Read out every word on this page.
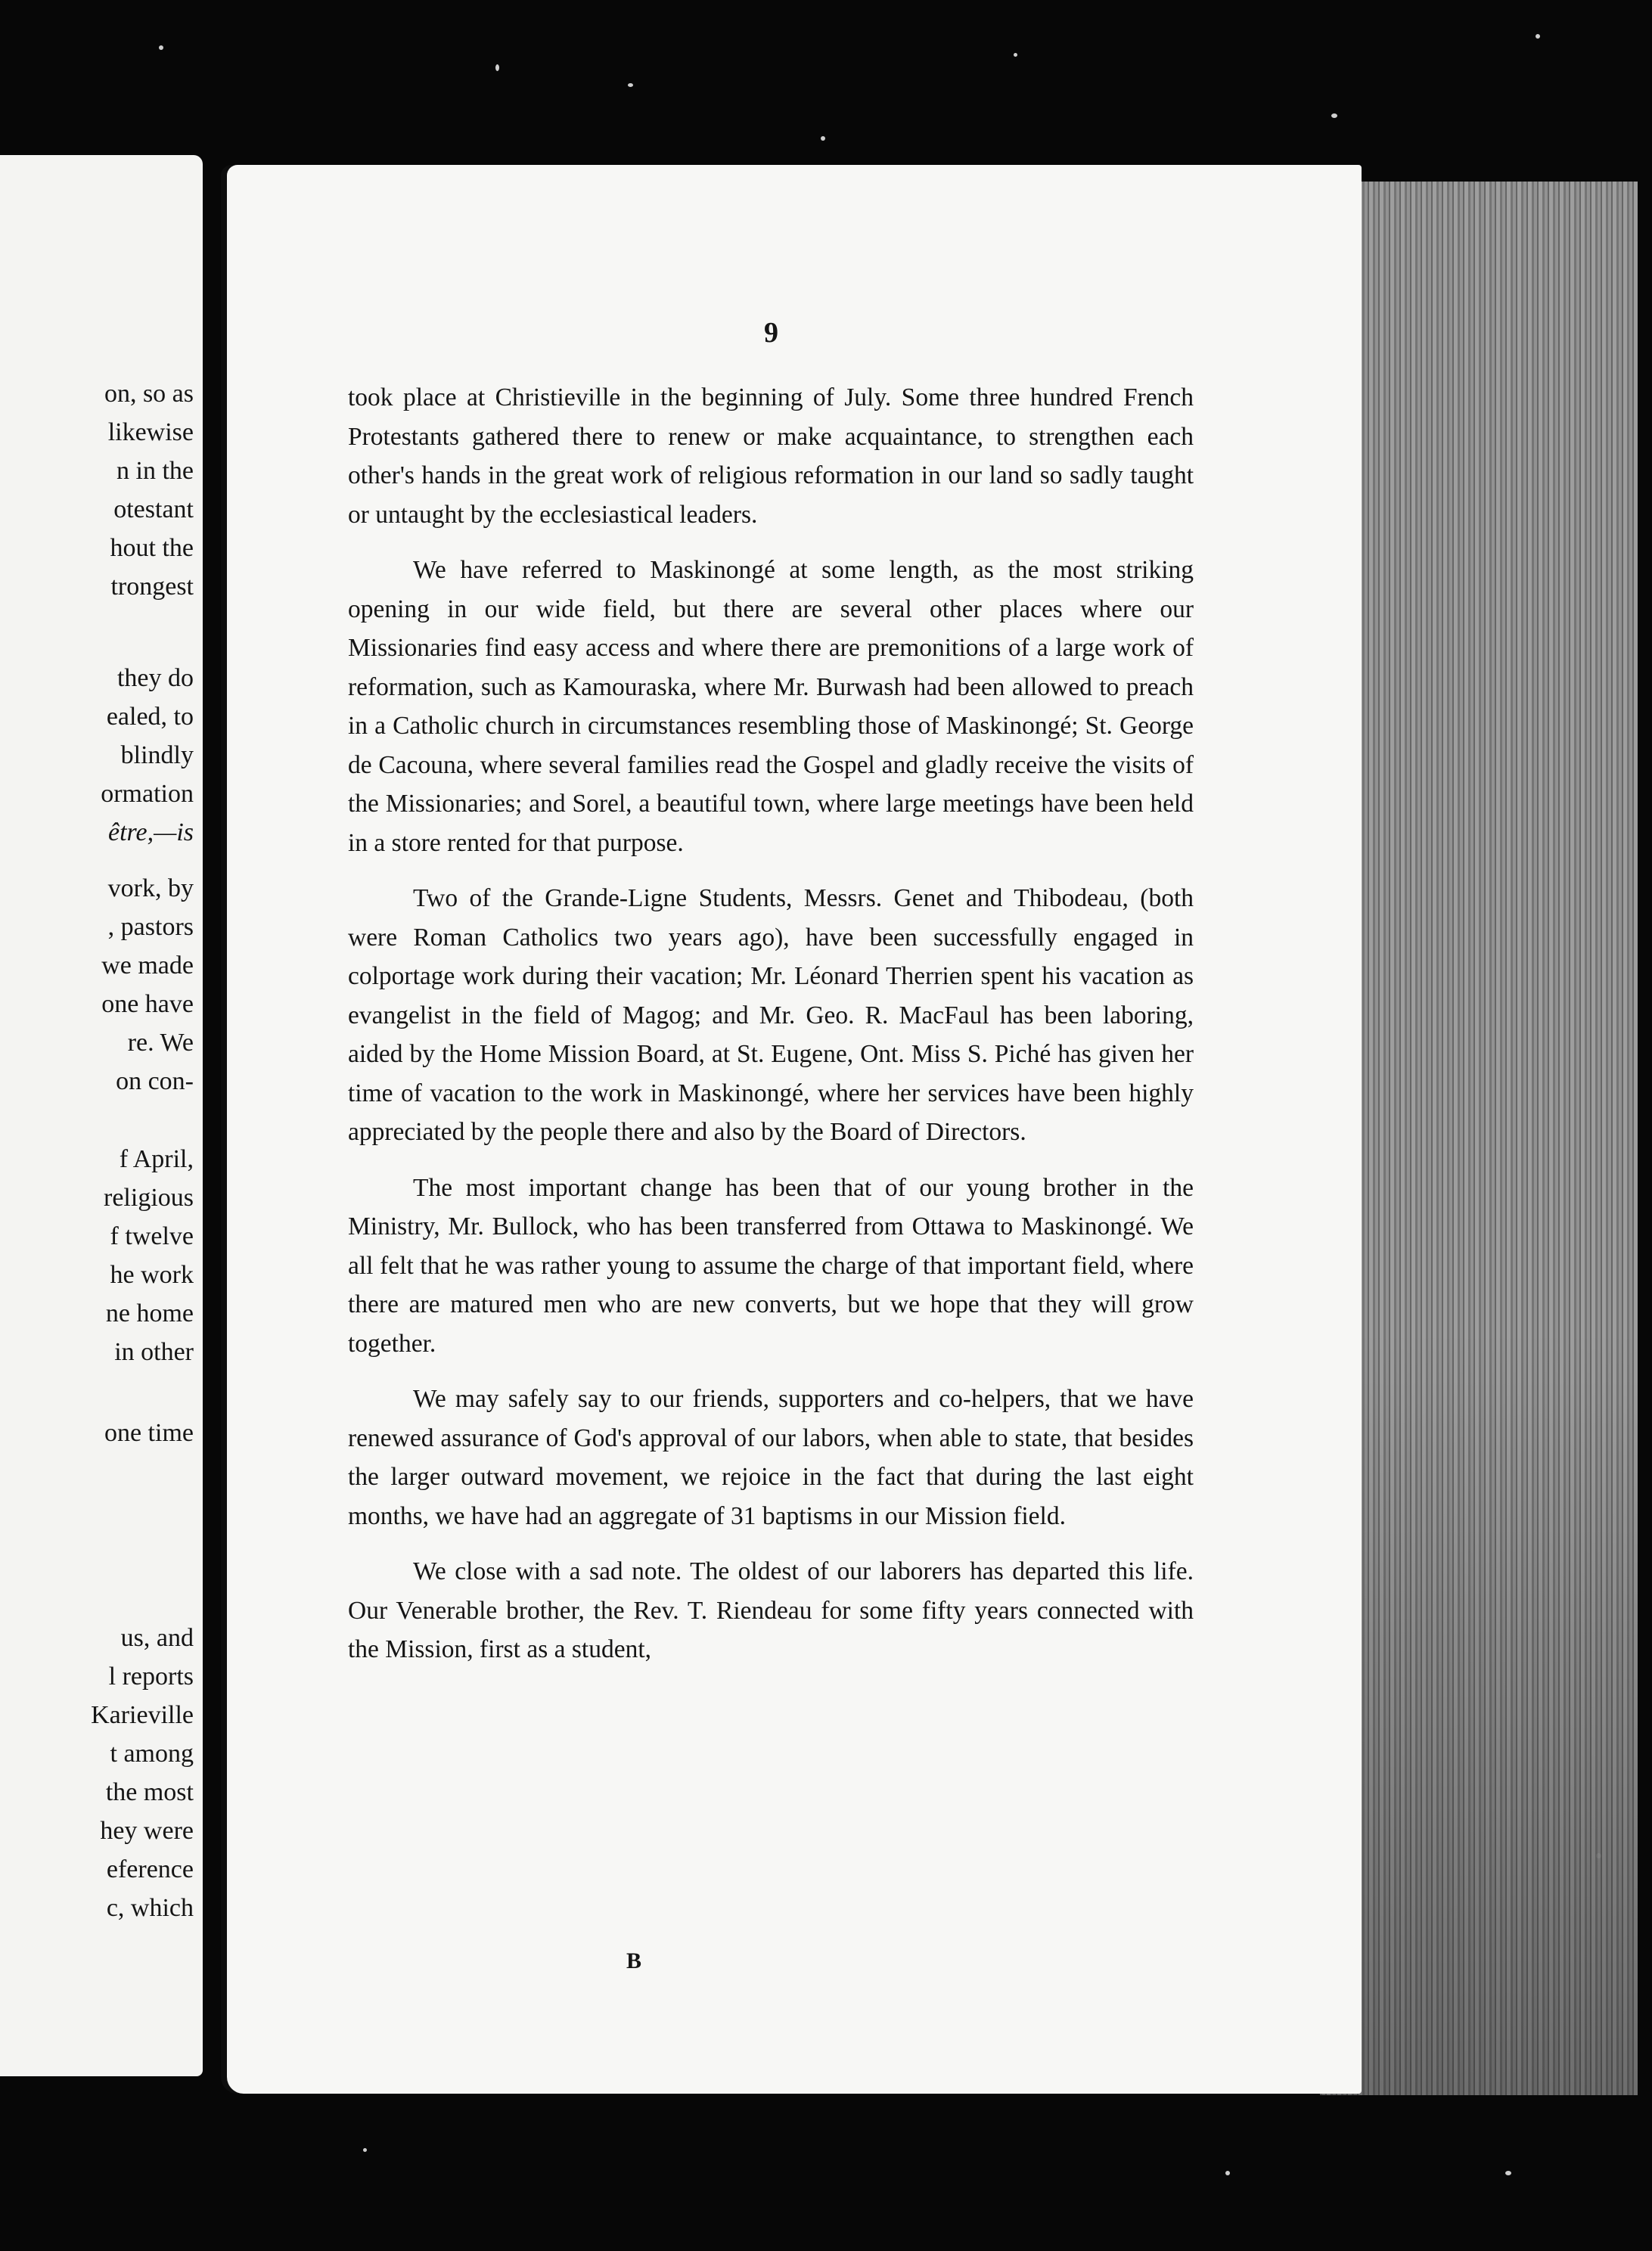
on, so as
likewise
n in the
otestant
hout the
trongest
they do
ealed, to
blindly
ormation
être,—is
vork, by
, pastors
we made
one have
re. We
on con-
f April,
religious
f twelve
he work
ne home
in other
one time
us, and
l reports
Karieville
t among
the most
hey were
eference
c, which
9

took place at Christieville in the beginning of July. Some three hundred French Protestants gathered there to renew or make acquaintance, to strengthen each other's hands in the great work of religious reformation in our land so sadly taught or untaught by the ecclesiastical leaders.

We have referred to Maskinongé at some length, as the most striking opening in our wide field, but there are several other places where our Missionaries find easy access and where there are premonitions of a large work of reformation, such as Kamouraska, where Mr. Burwash had been allowed to preach in a Catholic church in circumstances resembling those of Maskinongé; St. George de Cacouna, where several families read the Gospel and gladly receive the visits of the Missionaries; and Sorel, a beautiful town, where large meetings have been held in a store rented for that purpose.

Two of the Grande-Ligne Students, Messrs. Genet and Thibodeau, (both were Roman Catholics two years ago), have been successfully engaged in colportage work during their vacation; Mr. Léonard Therrien spent his vacation as evangelist in the field of Magog; and Mr. Geo. R. MacFaul has been laboring, aided by the Home Mission Board, at St. Eugene, Ont. Miss S. Piché has given her time of vacation to the work in Maskinongé, where her services have been highly appreciated by the people there and also by the Board of Directors.

The most important change has been that of our young brother in the Ministry, Mr. Bullock, who has been transferred from Ottawa to Maskinongé. We all felt that he was rather young to assume the charge of that important field, where there are matured men who are new converts, but we hope that they will grow together.

We may safely say to our friends, supporters and co-helpers, that we have renewed assurance of God's approval of our labors, when able to state, that besides the larger outward movement, we rejoice in the fact that during the last eight months, we have had an aggregate of 31 baptisms in our Mission field.

We close with a sad note. The oldest of our laborers has departed this life. Our Venerable brother, the Rev. T. Riendeau for some fifty years connected with the Mission, first as a student,

B
